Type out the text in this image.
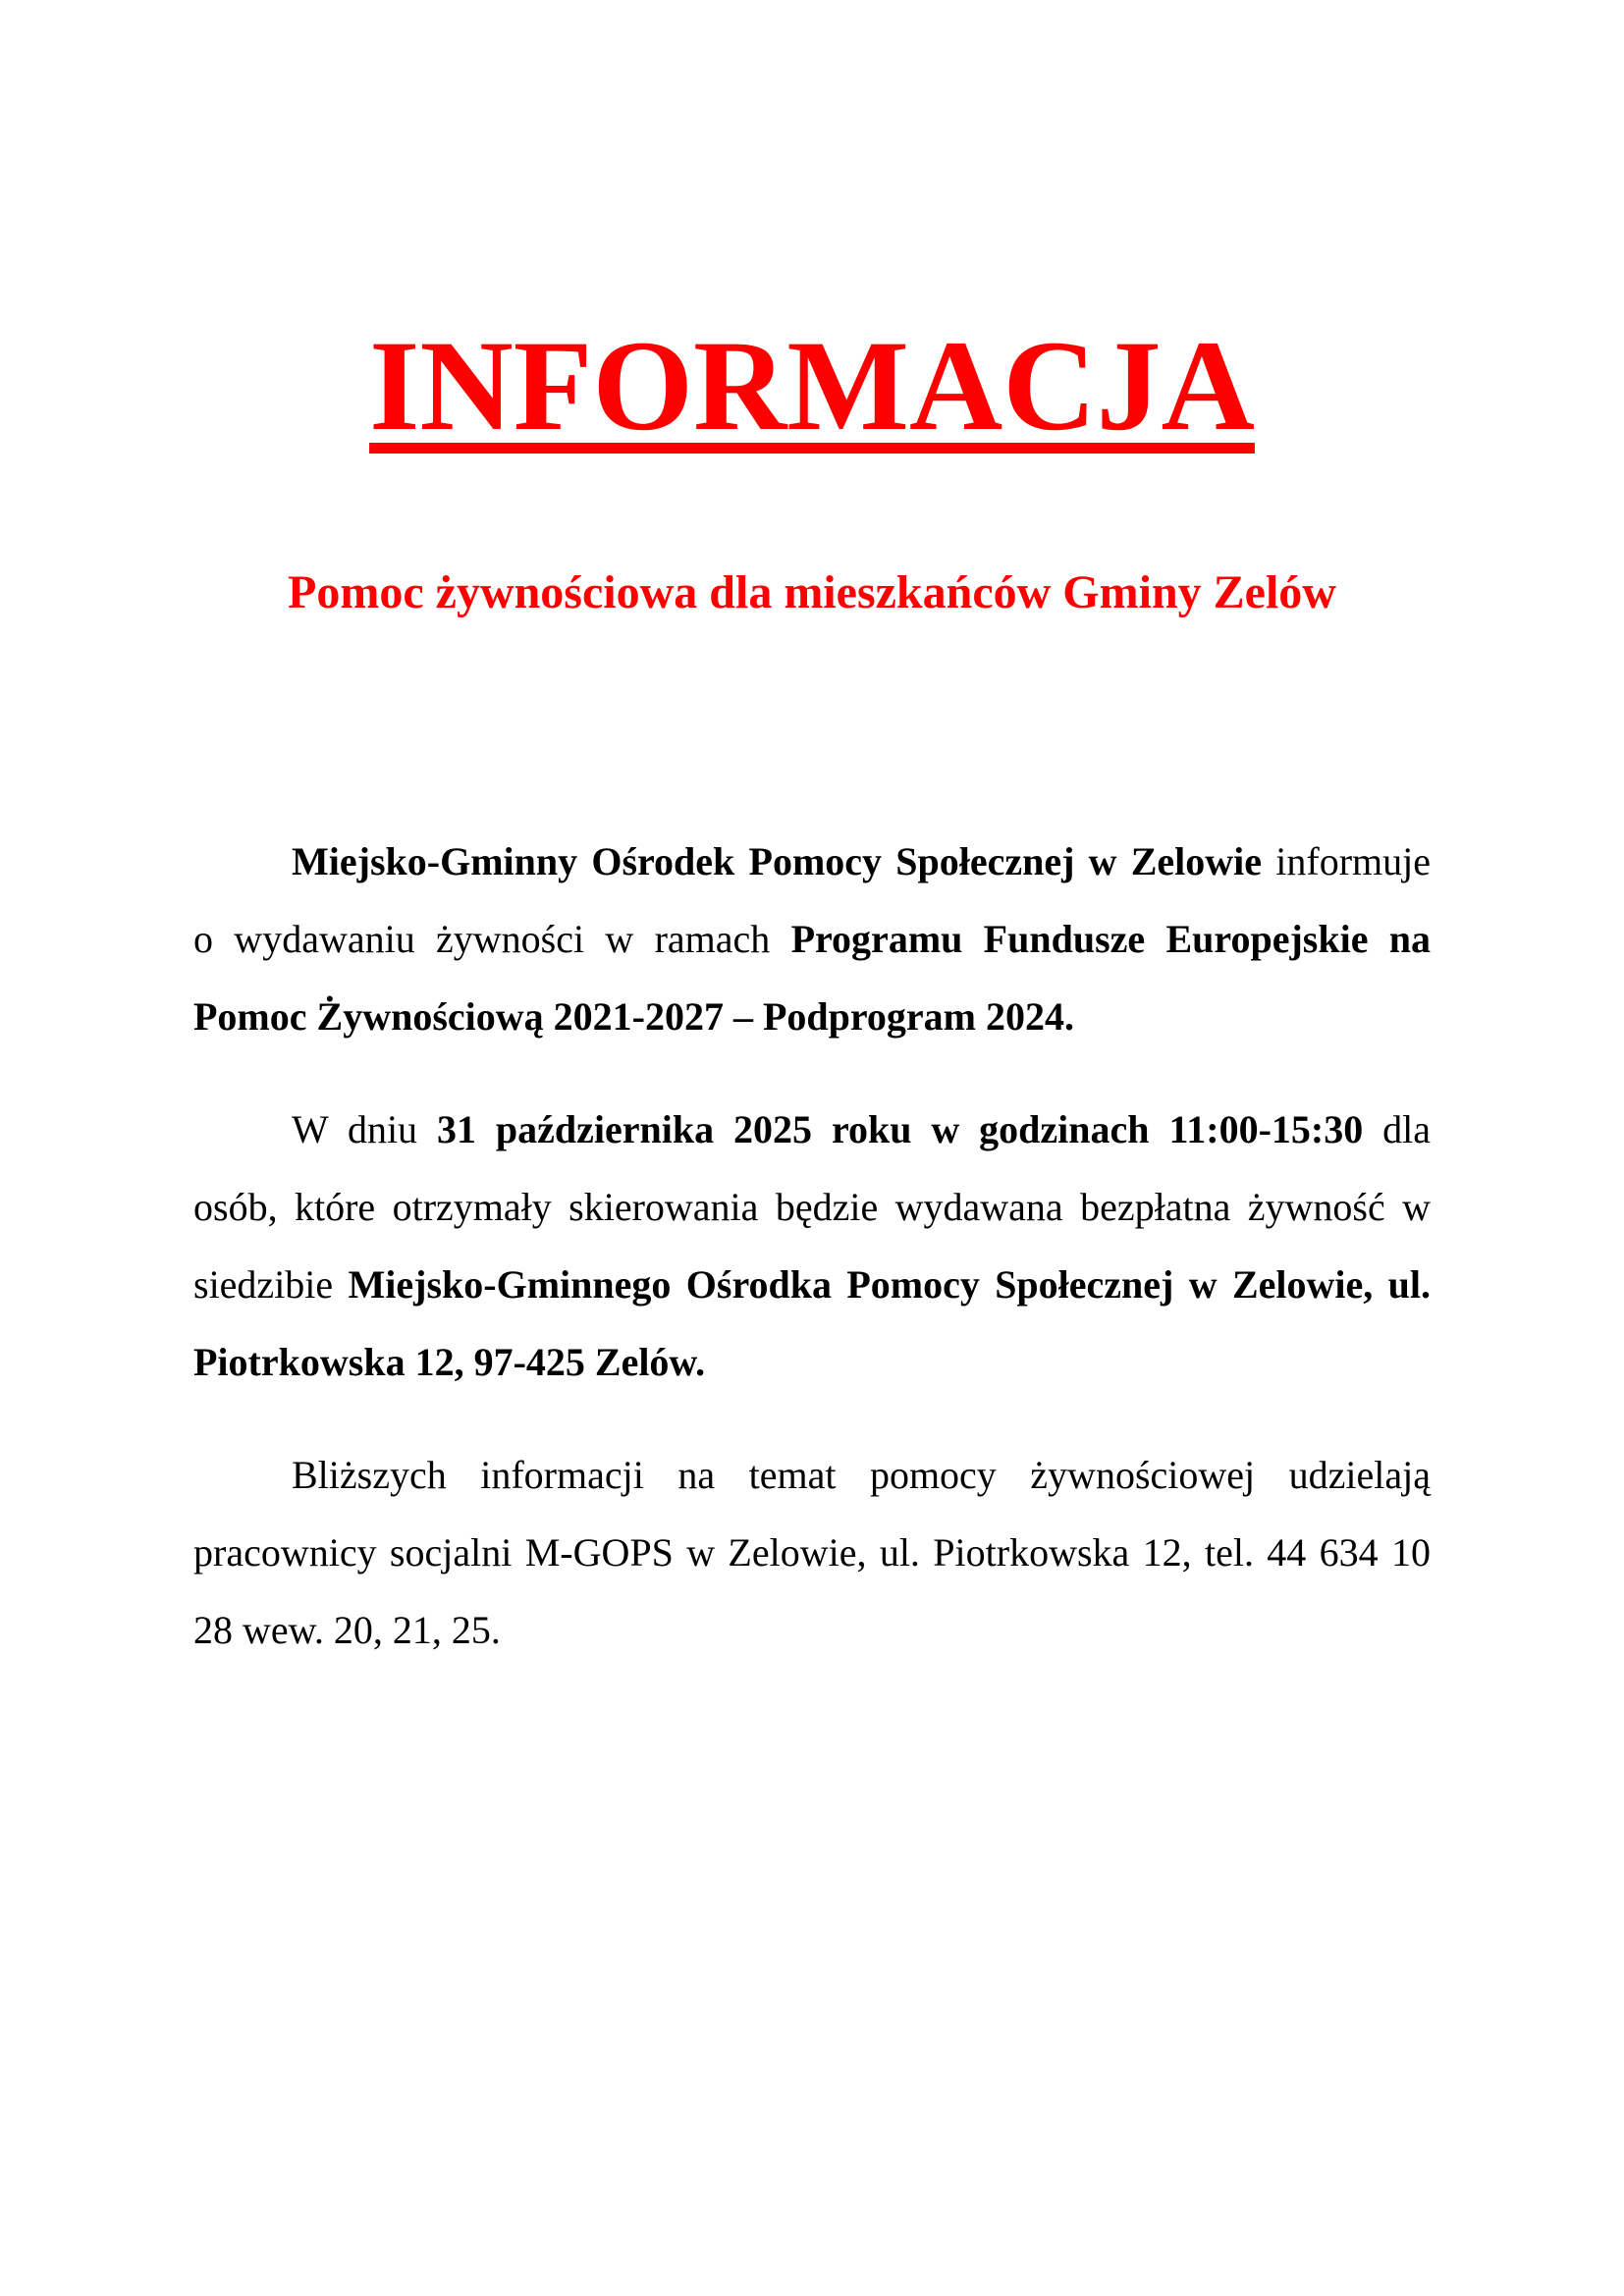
INFORMACJA
Pomoc żywnościowa dla mieszkańców Gminy Zelów

Miejsko-Gminny Ośrodek Pomocy Społecznej w Zelowie informuje o wydawaniu żywności w ramach Programu Fundusze Europejskie na Pomoc Żywnościową 2021-2027 – Podprogram 2024.

W dniu 31 października 2025 roku w godzinach 11:00-15:30 dla osób, które otrzymały skierowania będzie wydawana bezpłatna żywność w siedzibie Miejsko-Gminnego Ośrodka Pomocy Społecznej w Zelowie, ul. Piotrkowska 12, 97-425 Zelów.

Bliższych informacji na temat pomocy żywnościowej udzielają pracownicy socjalni M-GOPS w Zelowie, ul. Piotrkowska 12, tel. 44 634 10 28 wew. 20, 21, 25.
